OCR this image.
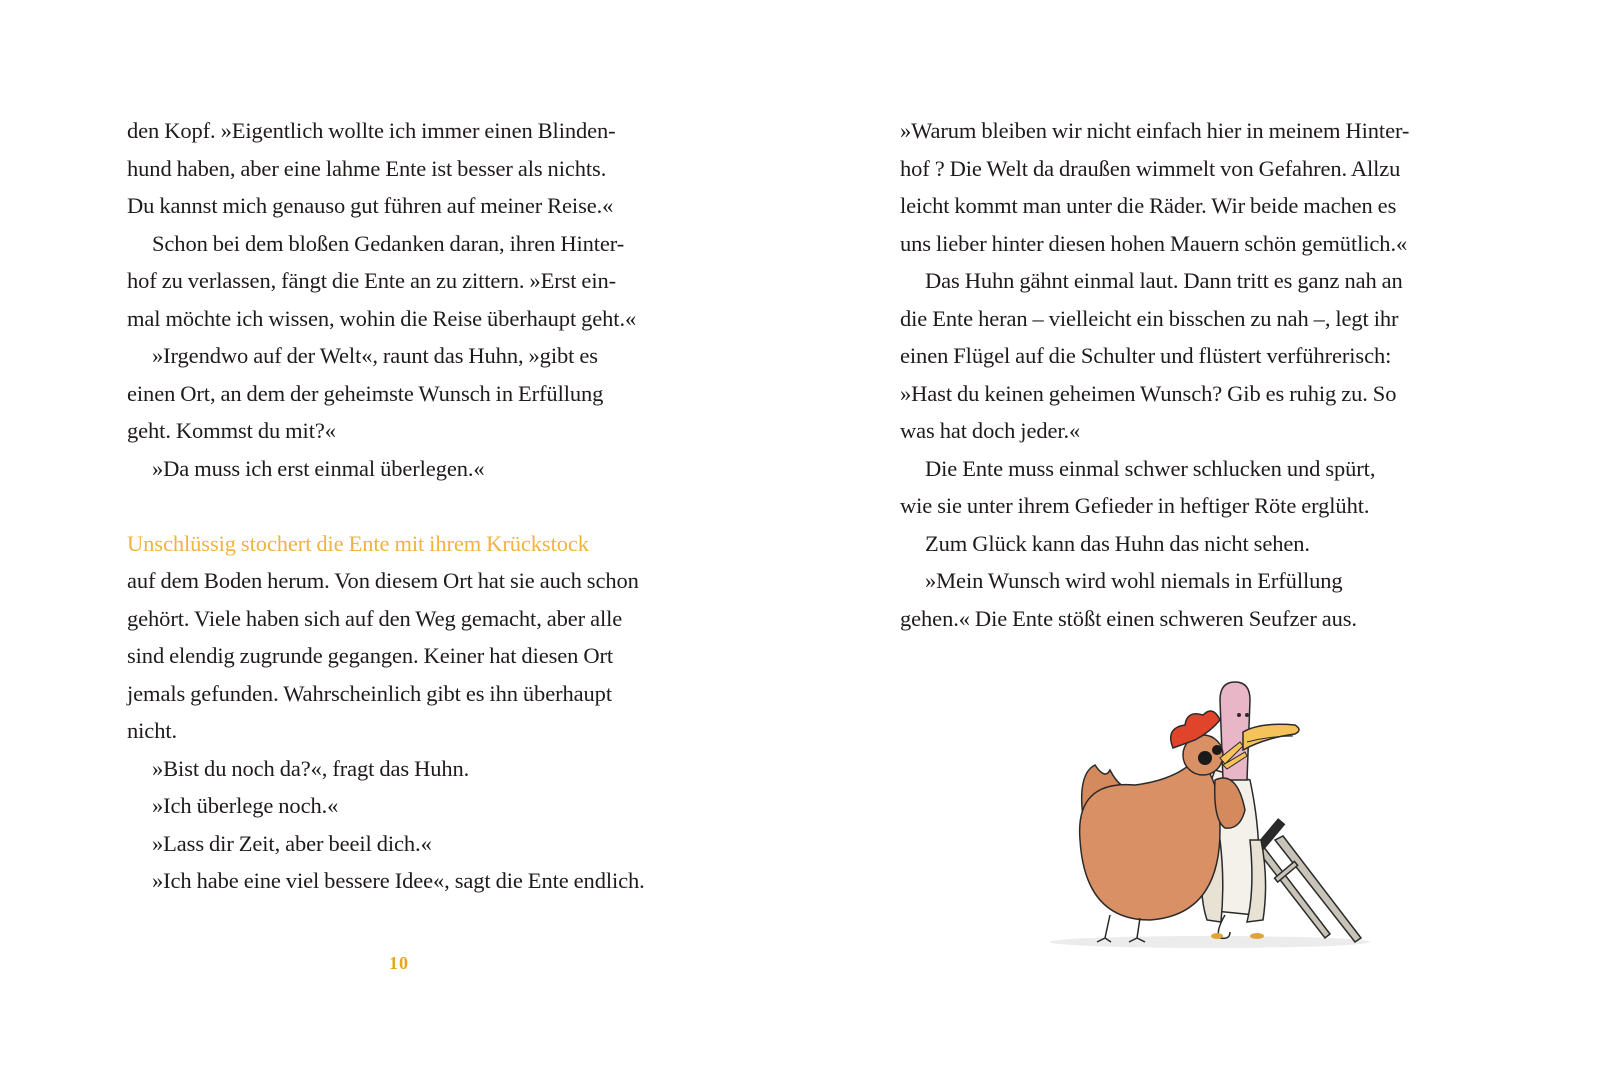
den Kopf. »Eigentlich wollte ich immer einen Blinden-
hund haben, aber eine lahme Ente ist besser als nichts.
Du kannst mich genauso gut führen auf meiner Reise.«
Schon bei dem bloßen Gedanken daran, ihren Hinter-
hof zu verlassen, fängt die Ente an zu zittern. »Erst ein-
mal möchte ich wissen, wohin die Reise überhaupt geht.«
»Irgendwo auf der Welt«, raunt das Huhn, »gibt es
einen Ort, an dem der geheimste Wunsch in Erfüllung
geht. Kommst du mit?«
»Da muss ich erst einmal überlegen.«
Unschlüssig stochert die Ente mit ihrem Krückstock
auf dem Boden herum. Von diesem Ort hat sie auch schon
gehört. Viele haben sich auf den Weg gemacht, aber alle
sind elendig zugrunde gegangen. Keiner hat diesen Ort
jemals gefunden. Wahrscheinlich gibt es ihn überhaupt
nicht.
»Bist du noch da?«, fragt das Huhn.
»Ich überlege noch.«
»Lass dir Zeit, aber beeil dich.«
»Ich habe eine viel bessere Idee«, sagt die Ente endlich.
10
»Warum bleiben wir nicht einfach hier in meinem Hinter-
hof ? Die Welt da draußen wimmelt von Gefahren. Allzu
leicht kommt man unter die Räder. Wir beide machen es
uns lieber hinter diesen hohen Mauern schön gemütlich.«
Das Huhn gähnt einmal laut. Dann tritt es ganz nah an
die Ente heran – vielleicht ein bisschen zu nah –, legt ihr
einen Flügel auf die Schulter und flüstert verführerisch:
»Hast du keinen geheimen Wunsch? Gib es ruhig zu. So
was hat doch jeder.«
Die Ente muss einmal schwer schlucken und spürt,
wie sie unter ihrem Gefieder in heftiger Röte erglüht.
Zum Glück kann das Huhn das nicht sehen.
»Mein Wunsch wird wohl niemals in Erfüllung
gehen.« Die Ente stößt einen schweren Seufzer aus.
